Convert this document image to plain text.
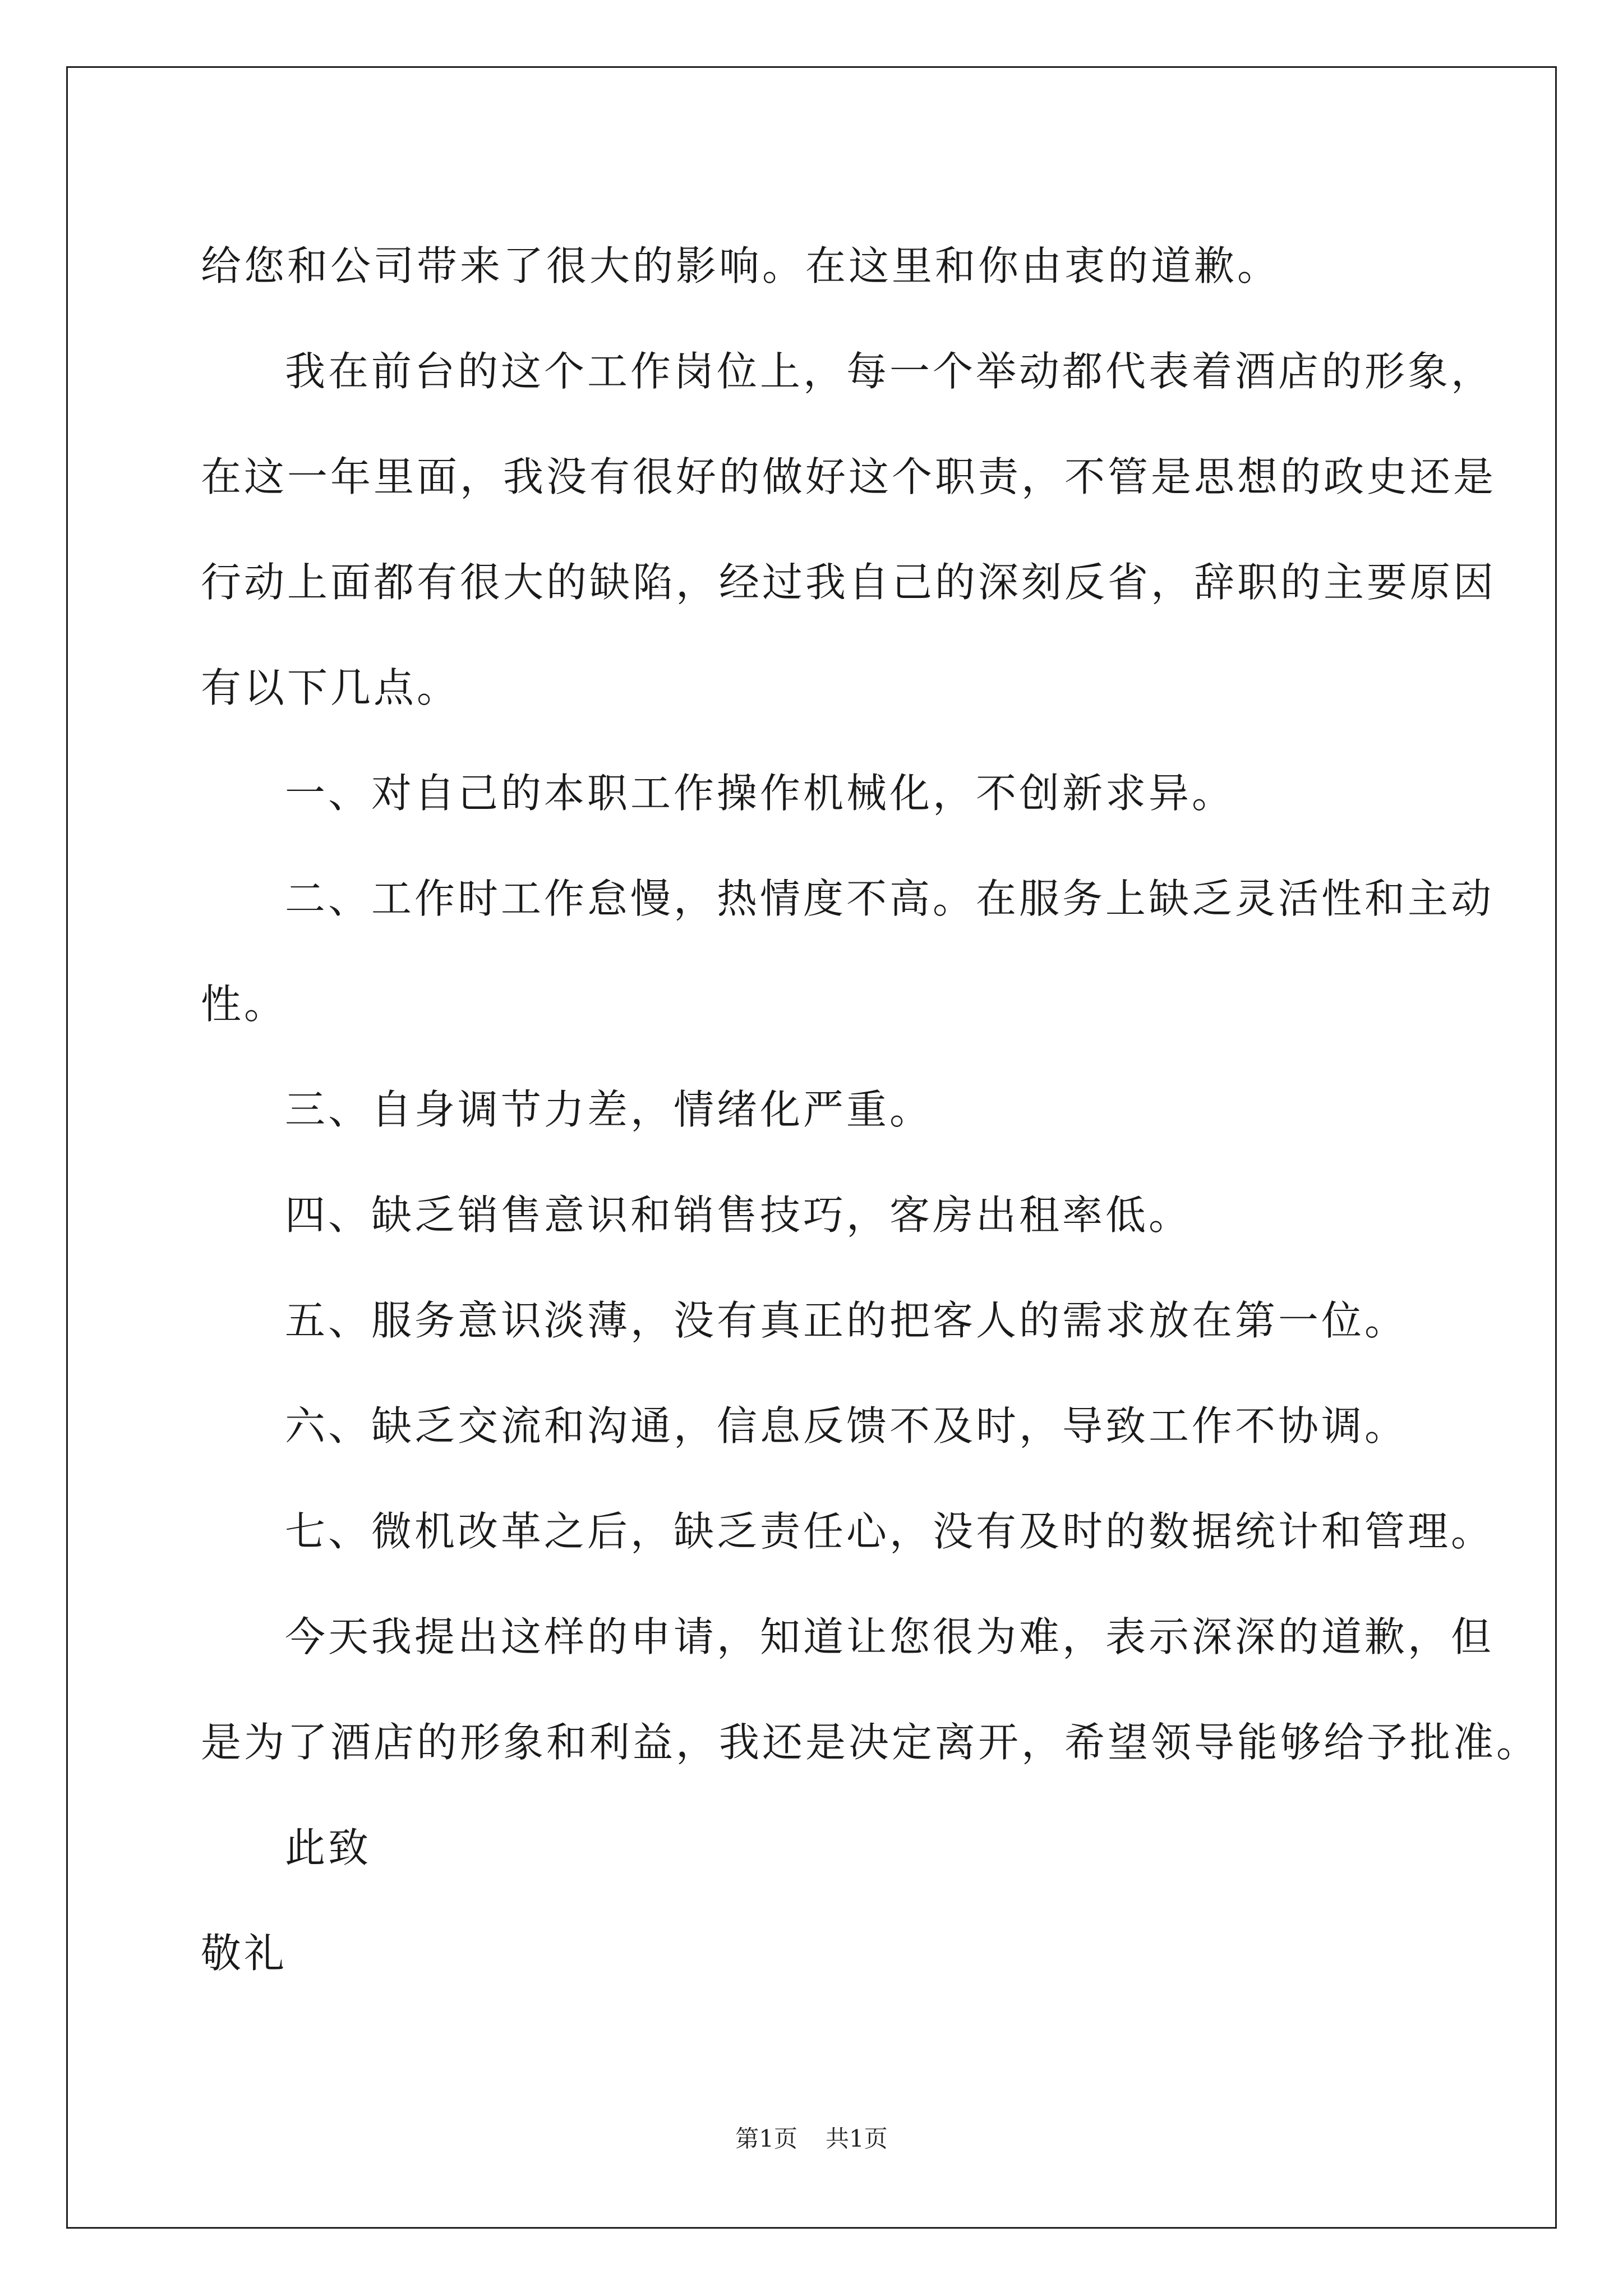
给您和公司带来了很大的影响。在这里和你由衷的道歉。

我在前台的这个工作岗位上，每一个举动都代表着酒店的形象，

在这一年里面，我没有很好的做好这个职责，不管是思想的政史还是

行动上面都有很大的缺陷，经过我自己的深刻反省，辞职的主要原因

有以下几点。

一、对自己的本职工作操作机械化，不创新求异。

二、工作时工作怠慢，热情度不高。在服务上缺乏灵活性和主动

性。

三、自身调节力差，情绪化严重。

四、缺乏销售意识和销售技巧，客房出租率低。

五、服务意识淡薄，没有真正的把客人的需求放在第一位。

六、缺乏交流和沟通，信息反馈不及时，导致工作不协调。

七、微机改革之后，缺乏责任心，没有及时的数据统计和管理。

今天我提出这样的申请，知道让您很为难，表示深深的道歉，但

是为了酒店的形象和利益，我还是决定离开，希望领导能够给予批准。

此致

敬礼

第1页 共1页
